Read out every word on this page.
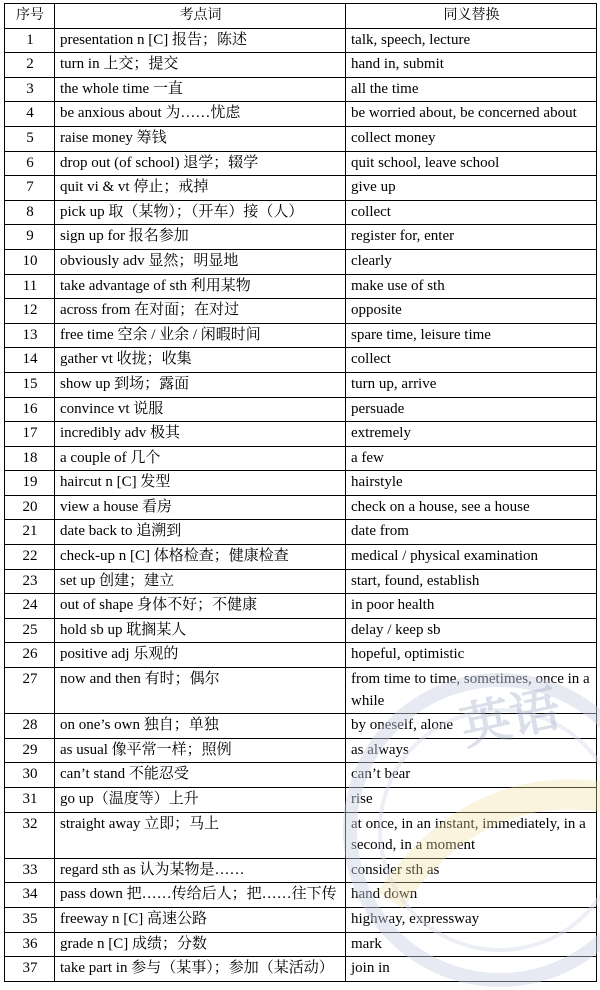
序号	考点词	同义替换
1	presentation n [C] 报告；陈述	talk, speech, lecture
2	turn in 上交；提交	hand in, submit
3	the whole time 一直	all the time
4	be anxious about 为……忧虑	be worried about, be concerned about
5	raise money 筹钱	collect money
6	drop out (of school) 退学；辍学	quit school, leave school
7	quit vi & vt 停止；戒掉	give up
8	pick up 取（某物）；（开车）接（人）	collect
9	sign up for 报名参加	register for, enter
10	obviously adv 显然；明显地	clearly
11	take advantage of sth 利用某物	make use of sth
12	across from 在对面；在对过	opposite
13	free time 空余 / 业余 / 闲暇时间	spare time, leisure time
14	gather vt 收拢；收集	collect
15	show up 到场；露面	turn up, arrive
16	convince vt 说服	persuade
17	incredibly adv 极其	extremely
18	a couple of 几个	a few
19	haircut n [C] 发型	hairstyle
20	view a house 看房	check on a house, see a house
21	date back to 追溯到	date from
22	check-up n [C] 体格检查；健康检查	medical / physical examination
23	set up 创建；建立	start, found, establish
24	out of shape 身体不好；不健康	in poor health
25	hold sb up 耽搁某人	delay / keep sb
26	positive adj 乐观的	hopeful, optimistic
27	now and then 有时；偶尔	from time to time, sometimes, once in a while
28	on one’s own 独自；单独	by oneself, alone
29	as usual 像平常一样；照例	as always
30	can’t stand 不能忍受	can’t bear
31	go up（温度等）上升	rise
32	straight away 立即；马上	at once, in an instant, immediately, in a second, in a moment
33	regard sth as 认为某物是……	consider sth as
34	pass down 把……传给后人；把……往下传	hand down
35	freeway n [C] 高速公路	highway, expressway
36	grade n [C] 成绩；分数	mark
37	take part in 参与（某事）；参加（某活动）	join in
英语
